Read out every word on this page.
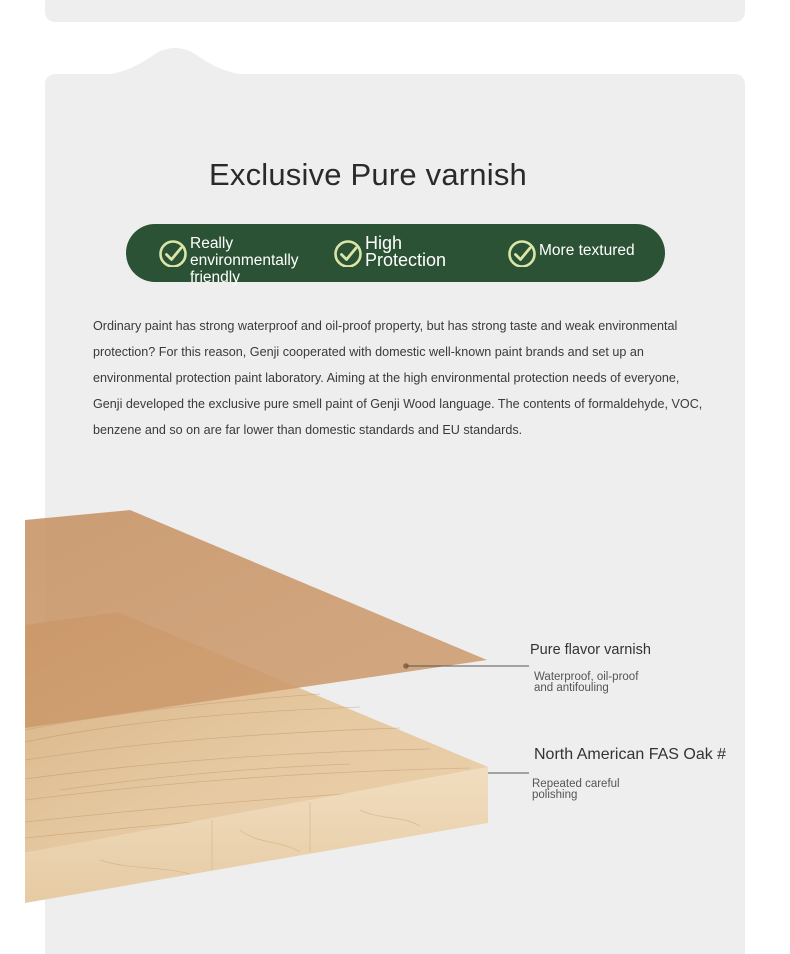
Exclusive Pure varnish
Really
environmentally
friendly
High
Protection	More textured
Ordinary paint has strong waterproof and oil-proof property, but has strong taste and weak environmental protection? For this reason, Genji cooperated with domestic well-known paint brands and set up an environmental protection paint laboratory. Aiming at the high environmental protection needs of everyone, Genji developed the exclusive pure smell paint of Genji Wood language. The contents of formaldehyde, VOC, benzene and so on are far lower than domestic standards and EU standards.
Pure flavor varnish
Waterproof, oil-proof
and antifouling
North American FAS Oak #
Repeated careful
polishing
